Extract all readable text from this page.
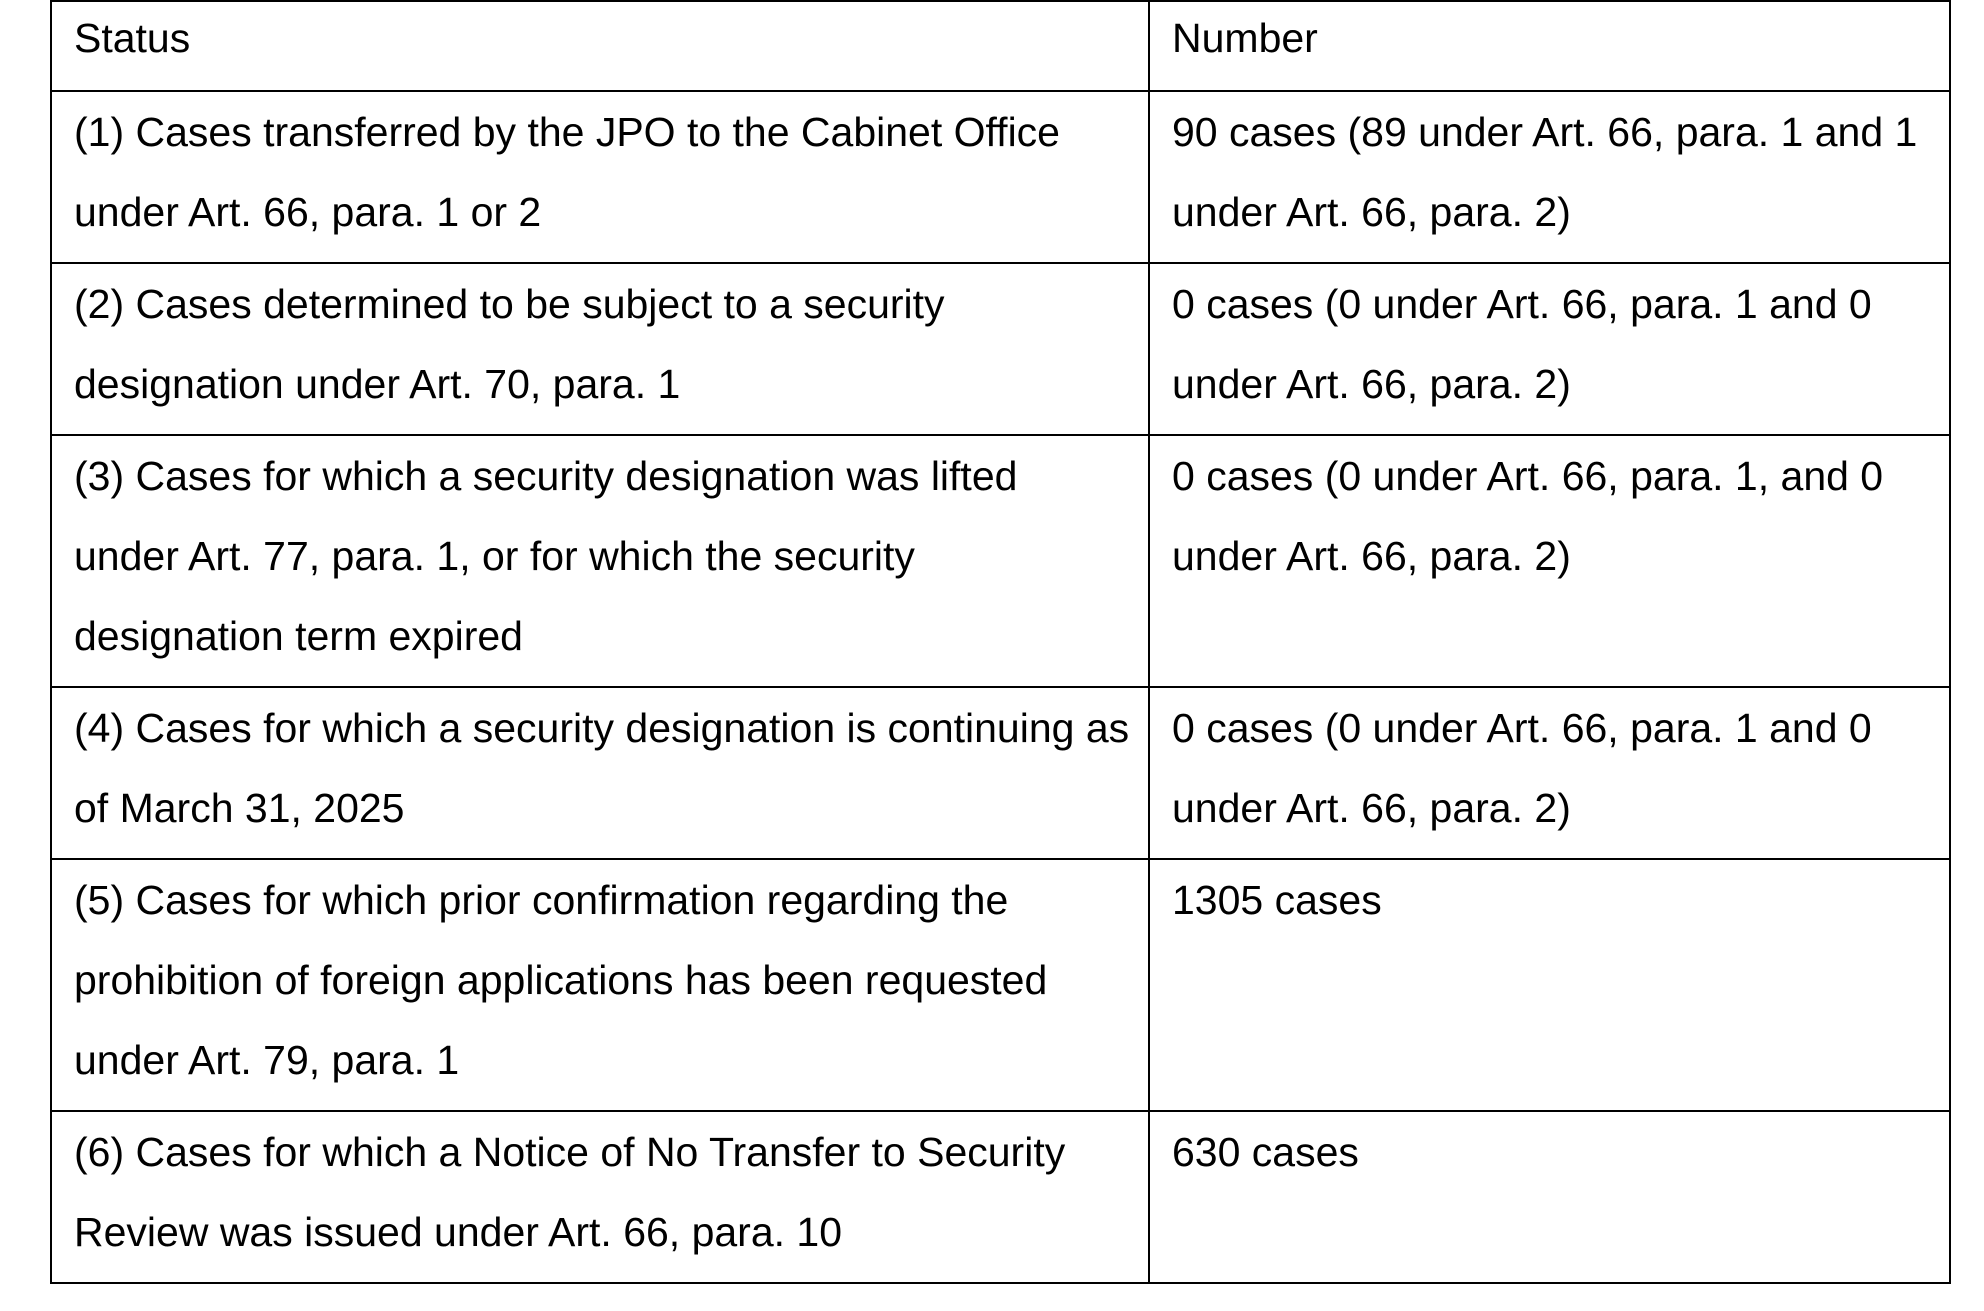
Status	Number
(1) Cases transferred by the JPO to the Cabinet Office under Art. 66, para. 1 or 2	90 cases (89 under Art. 66, para. 1 and 1 under Art. 66, para. 2)
(2) Cases determined to be subject to a security designation under Art. 70, para. 1	0 cases (0 under Art. 66, para. 1 and 0 under Art. 66, para. 2)
(3) Cases for which a security designation was lifted under Art. 77, para. 1, or for which the security designation term expired	0 cases (0 under Art. 66, para. 1, and 0 under Art. 66, para. 2)
(4) Cases for which a security designation is continuing as of March 31, 2025	0 cases (0 under Art. 66, para. 1 and 0 under Art. 66, para. 2)
(5) Cases for which prior confirmation regarding the prohibition of foreign applications has been requested under Art. 79, para. 1	1305 cases
(6) Cases for which a Notice of No Transfer to Security Review was issued under Art. 66, para. 10	630 cases
